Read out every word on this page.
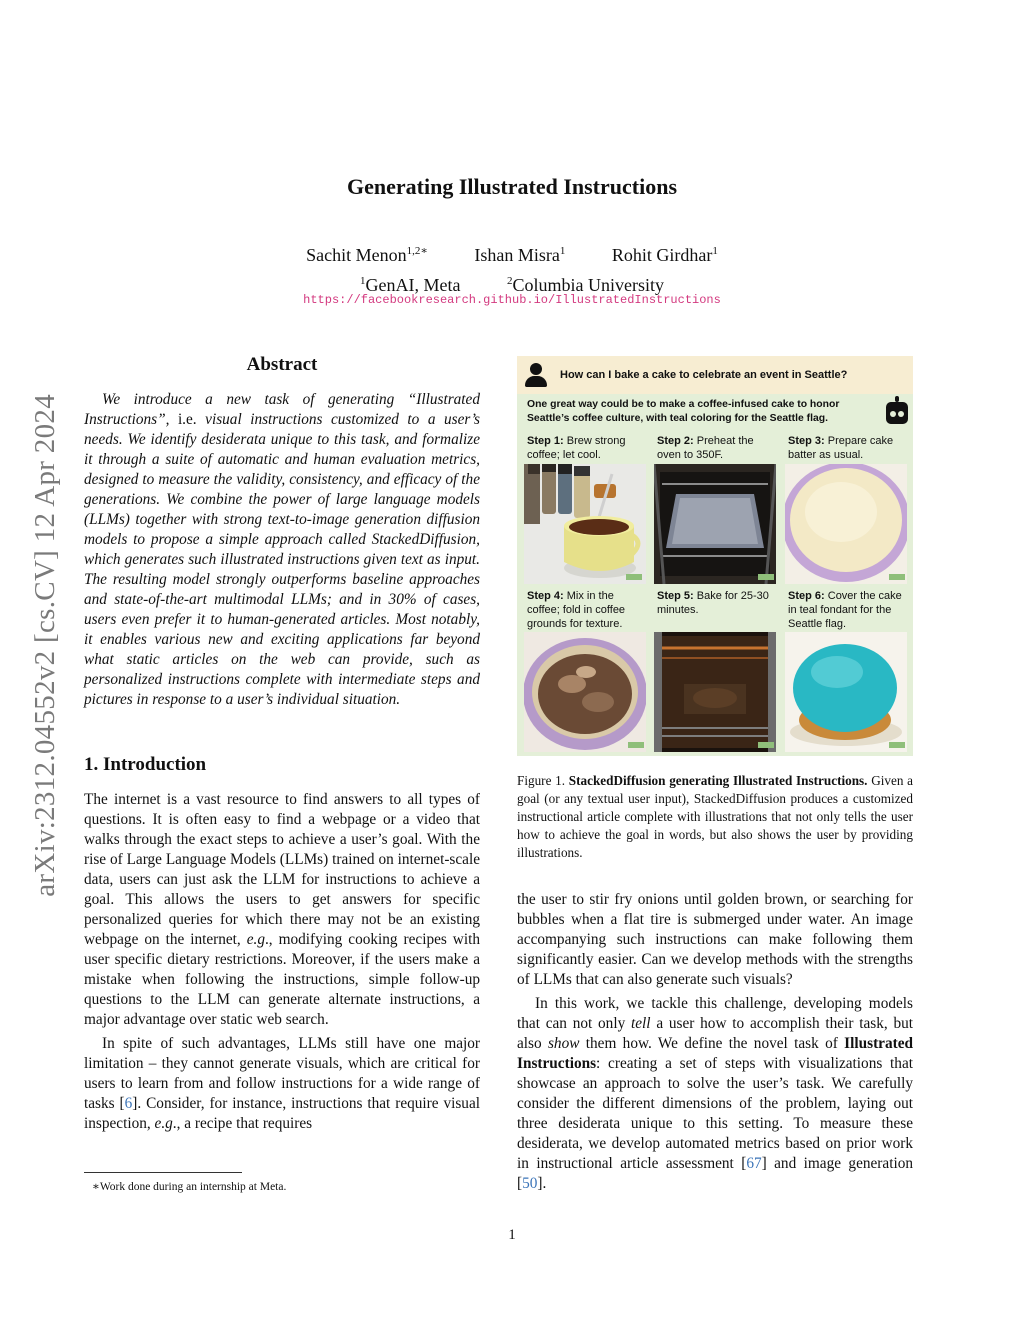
arXiv:2312.04552v2 [cs.CV] 12 Apr 2024
Generating Illustrated Instructions
Sachit Menon$^{1,2∗}$	Ishan Misra$^1$	Rohit Girdhar$^1$
$^1$GenAI, Meta	$^2$Columbia University
https://facebookresearch.github.io/IllustratedInstructions
Abstract

We introduce a new task of generating “Illustrated Instructions”, i.e. visual instructions customized to a user’s needs. We identify desiderata unique to this task, and formalize it through a suite of automatic and human evaluation metrics, designed to measure the validity, consistency, and efficacy of the generations. We combine the power of large language models (LLMs) together with strong text-to-image generation diffusion models to propose a simple approach called StackedDiffusion, which generates such illustrated instructions given text as input. The resulting model strongly outperforms baseline approaches and state-of-the-art multimodal LLMs; and in 30% of cases, users even prefer it to human-generated articles. Most notably, it enables various new and exciting applications far beyond what static articles on the web can provide, such as personalized instructions complete with intermediate steps and pictures in response to a user’s individual situation.

1. Introduction

The internet is a vast resource to find answers to all types of questions. It is often easy to find a webpage or a video that walks through the exact steps to achieve a user’s goal. With the rise of Large Language Models (LLMs) trained on internet-scale data, users can just ask the LLM for instructions to achieve a goal. This allows the users to get answers for specific personalized queries for which there may not be an existing webpage on the internet, e.g., modifying cooking recipes with user specific dietary restrictions. Moreover, if the users make a mistake when following the instructions, simple follow-up questions to the LLM can generate alternate instructions, a major advantage over static web search.

In spite of such advantages, LLMs still have one major limitation – they cannot generate visuals, which are critical for users to learn from and follow instructions for a wide range of tasks [6]. Consider, for instance, instructions that require visual inspection, e.g., a recipe that requires

∗Work done during an internship at Meta.
How can I bake a cake to celebrate an event in Seattle?
One great way could be to make a coffee-infused cake to honor Seattle’s coffee culture, with teal coloring for the Seattle flag.
Step 1: Brew strong coffee; let cool.
Step 2: Preheat the oven to 350F.
Step 3: Prepare cake batter as usual.
Step 4: Mix in the coffee; fold in coffee grounds for texture.
Step 5: Bake for 25-30 minutes.
Step 6: Cover the cake in teal fondant for the Seattle flag.

Figure 1. StackedDiffusion generating Illustrated Instructions. Given a goal (or any textual user input), StackedDiffusion produces a customized instructional article complete with illustrations that not only tells the user how to achieve the goal in words, but also shows the user by providing illustrations.

the user to stir fry onions until golden brown, or searching for bubbles when a flat tire is submerged under water. An image accompanying such instructions can make following them significantly easier. Can we develop methods with the strengths of LLMs that can also generate such visuals?

In this work, we tackle this challenge, developing models that can not only tell a user how to accomplish their task, but also show them how. We define the novel task of Illustrated Instructions: creating a set of steps with visualizations that showcase an approach to solve the user’s task. We carefully consider the different dimensions of the problem, laying out three desiderata unique to this setting. To measure these desiderata, we develop automated metrics based on prior work in instructional article assessment [67] and image generation [50].

1
